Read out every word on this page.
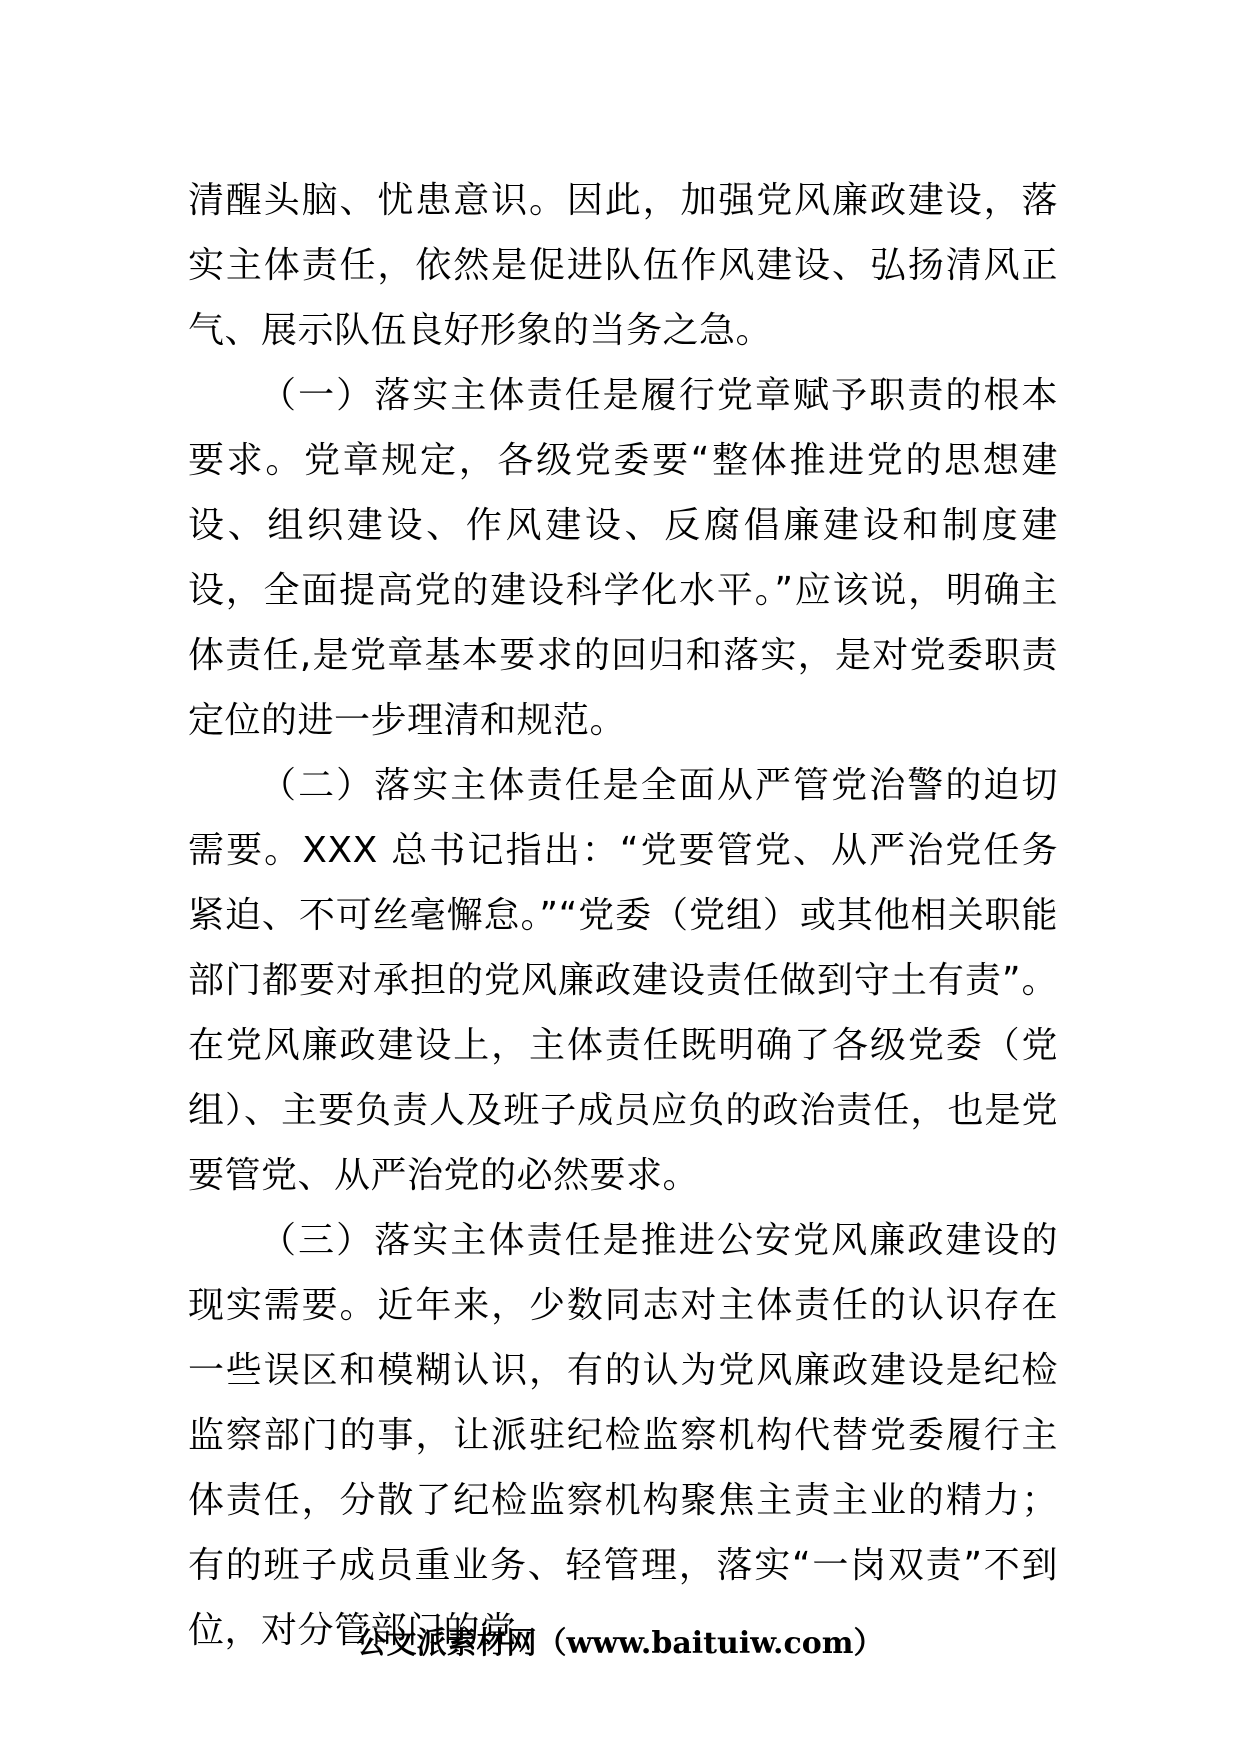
清醒头脑、忧患意识。因此，加强党风廉政建设，落实主体责任，依然是促进队伍作风建设、弘扬清风正气、展示队伍良好形象的当务之急。

（一）落实主体责任是履行党章赋予职责的根本要求。党章规定，各级党委要“整体推进党的思想建设、组织建设、作风建设、反腐倡廉建设和制度建设，全面提高党的建设科学化水平。”应该说，明确主体责任,是党章基本要求的回归和落实，是对党委职责定位的进一步理清和规范。

（二）落实主体责任是全面从严管党治警的迫切需要。XXX 总书记指出：“党要管党、从严治党任务紧迫、不可丝毫懈怠。”“党委（党组）或其他相关职能部门都要对承担的党风廉政建设责任做到守土有责”。在党风廉政建设上，主体责任既明确了各级党委（党组）、主要负责人及班子成员应负的政治责任，也是党要管党、从严治党的必然要求。

（三）落实主体责任是推进公安党风廉政建设的现实需要。近年来，少数同志对主体责任的认识存在一些误区和模糊认识，有的认为党风廉政建设是纪检监察部门的事，让派驻纪检监察机构代替党委履行主体责任，分散了纪检监察机构聚焦主责主业的精力；有的班子成员重业务、轻管理，落实“一岗双责”不到位，对分管部门的党

公文派素材网（www.baituiw.com）
